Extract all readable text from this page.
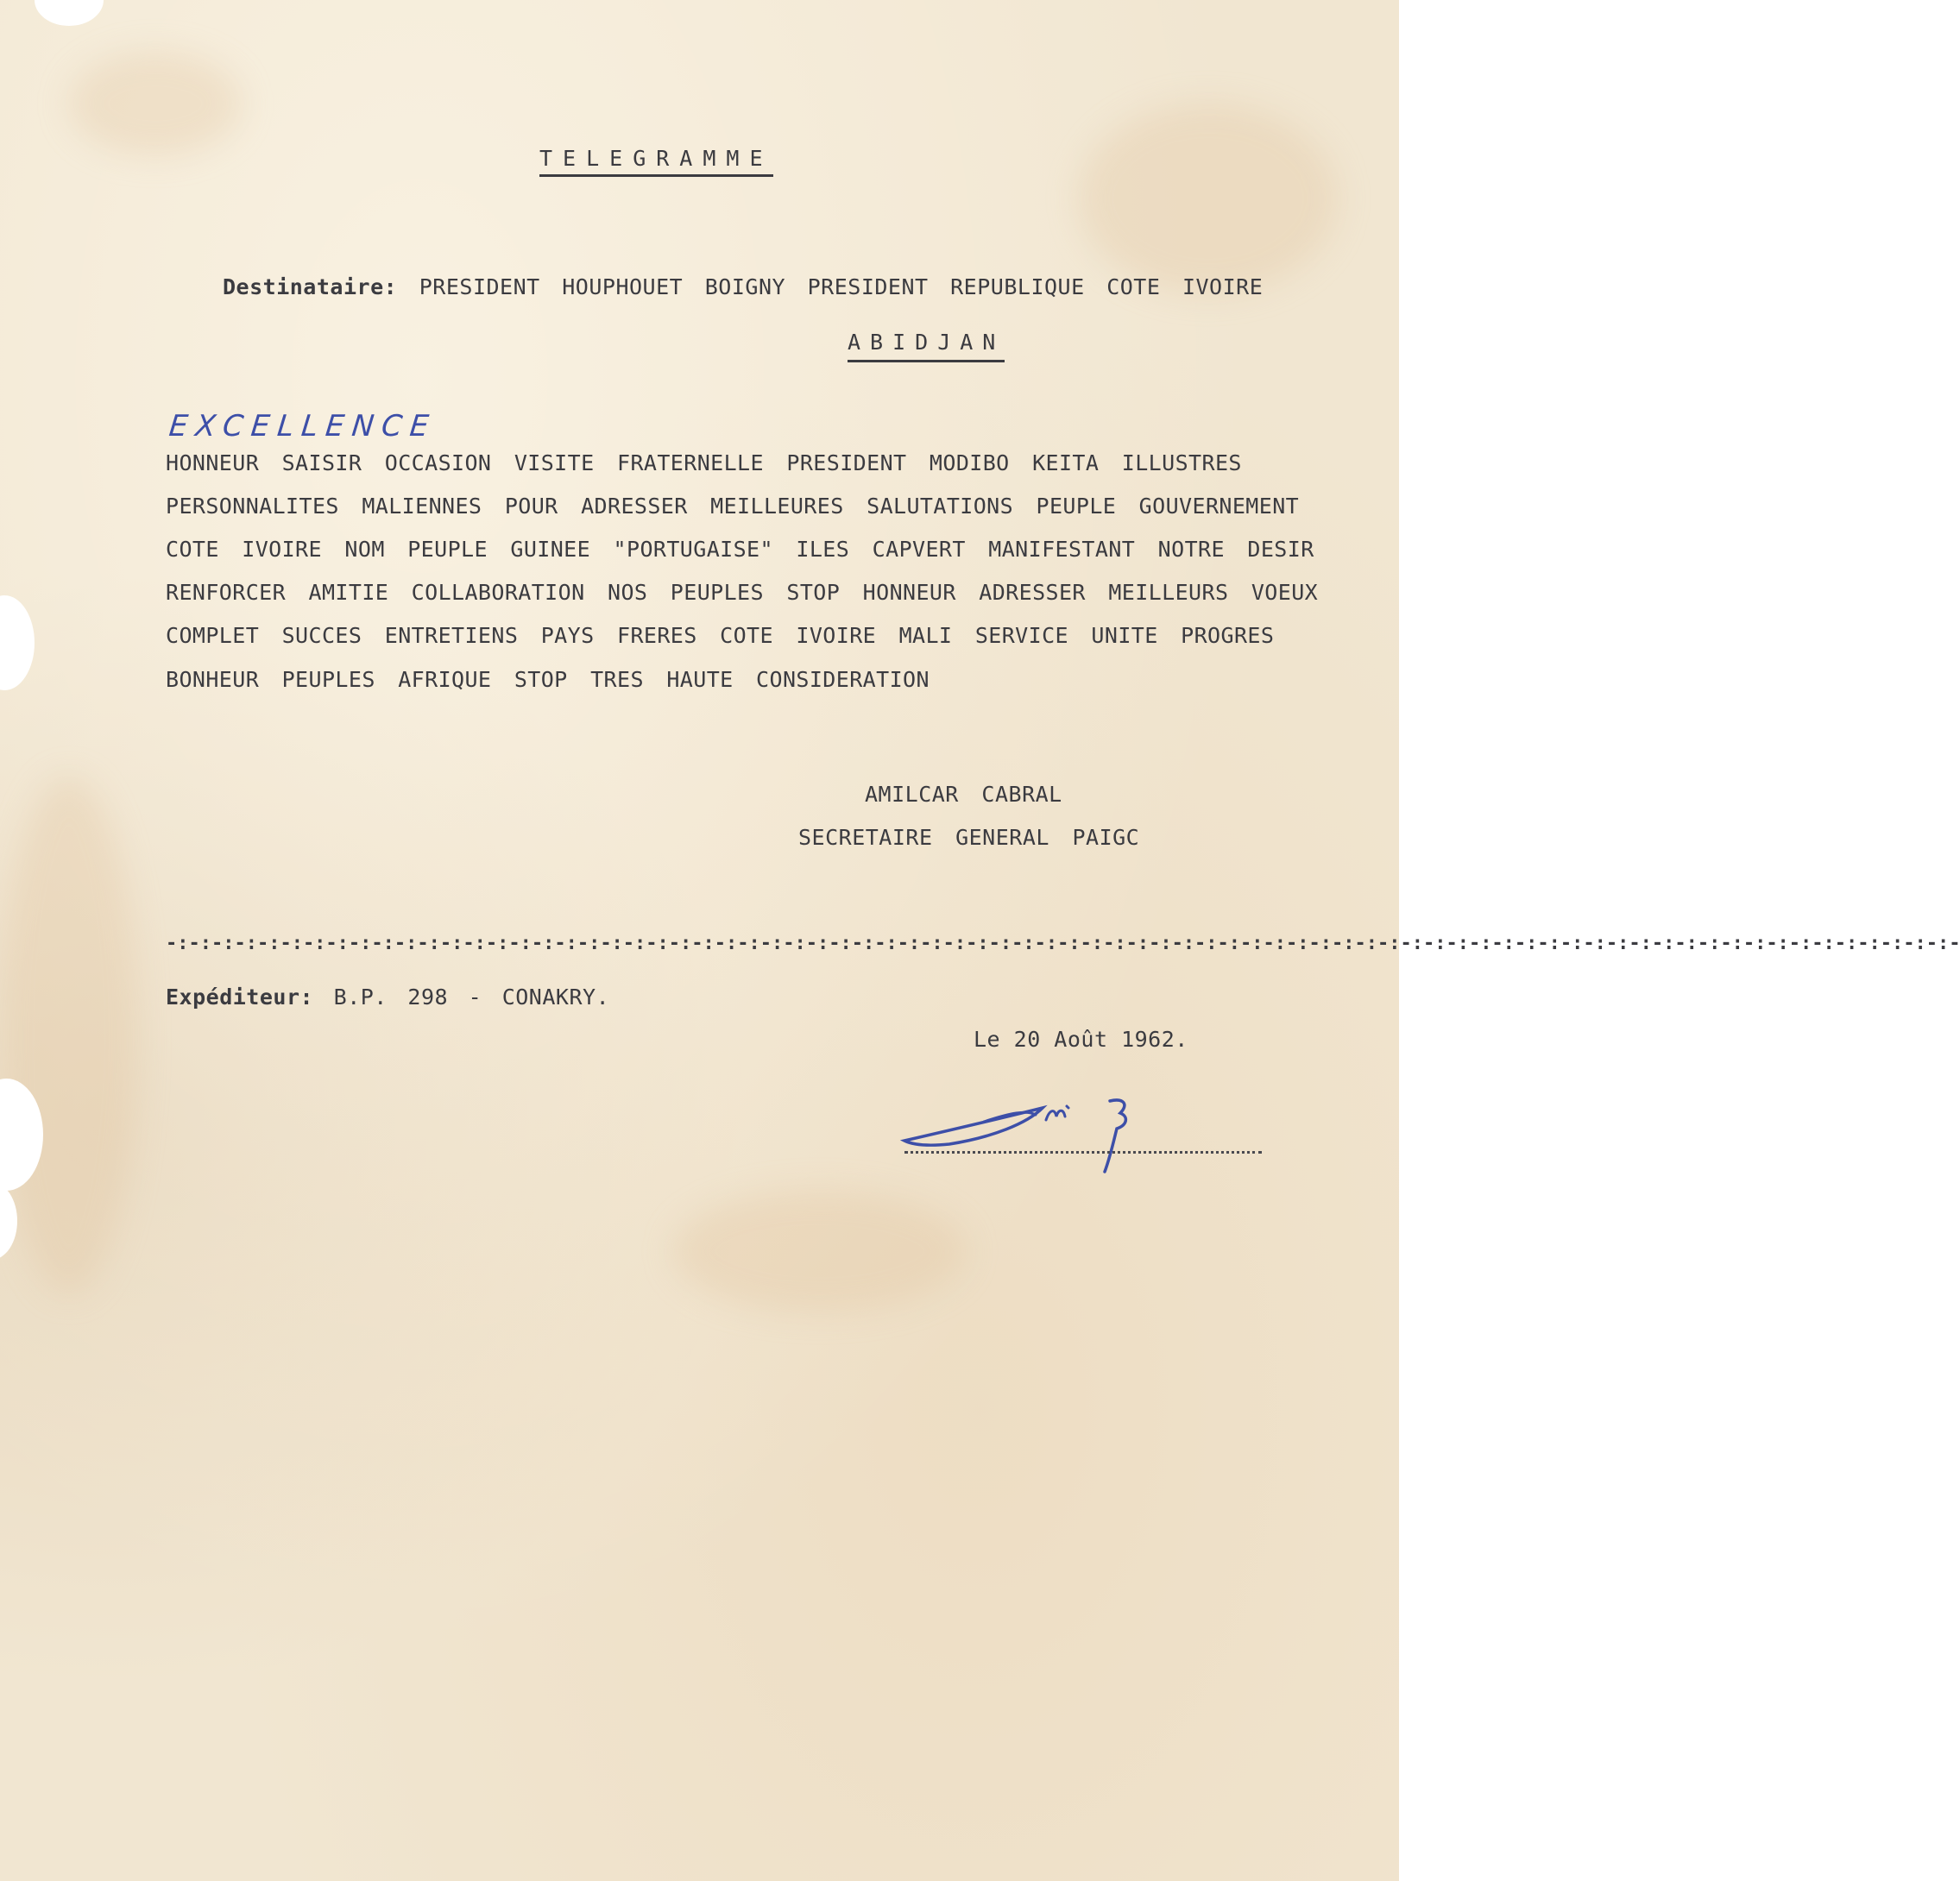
TELEGRAMME
Destinataire: PRESIDENT HOUPHOUET BOIGNY PRESIDENT REPUBLIQUE COTE IVOIRE
ABIDJAN
EXCELLENCE
HONNEUR SAISIR OCCASION VISITE FRATERNELLE PRESIDENT MODIBO KEITA ILLUSTRES
PERSONNALITES MALIENNES POUR ADRESSER MEILLEURES SALUTATIONS PEUPLE GOUVERNEMENT
COTE IVOIRE NOM PEUPLE GUINEE "PORTUGAISE" ILES CAPVERT MANIFESTANT NOTRE DESIR
RENFORCER AMITIE COLLABORATION NOS PEUPLES STOP HONNEUR ADRESSER MEILLEURS VOEUX
COMPLET SUCCES ENTRETIENS PAYS FRERES COTE IVOIRE MALI SERVICE UNITE PROGRES
BONHEUR PEUPLES AFRIQUE STOP TRES HAUTE CONSIDERATION
AMILCAR CABRAL
SECRETAIRE GENERAL PAIGC
-:-:-:-:-:-:-:-:-:-:-:-:-:-:-:-:-:-:-:-:-:-:-:-:-:-:-:-:-:-:-:-:-:-:-:-:-:-:-:-:-:-:-:-:-:-:-:-:-:-:-:-:-:-:-:-:-:-:-:-:-:-:-:-:-:-:-:-:-:-:-:-:-:-:-:-:-:-:-
Expéditeur: B.P. 298 - CONAKRY.
Le 20 Août 1962.
